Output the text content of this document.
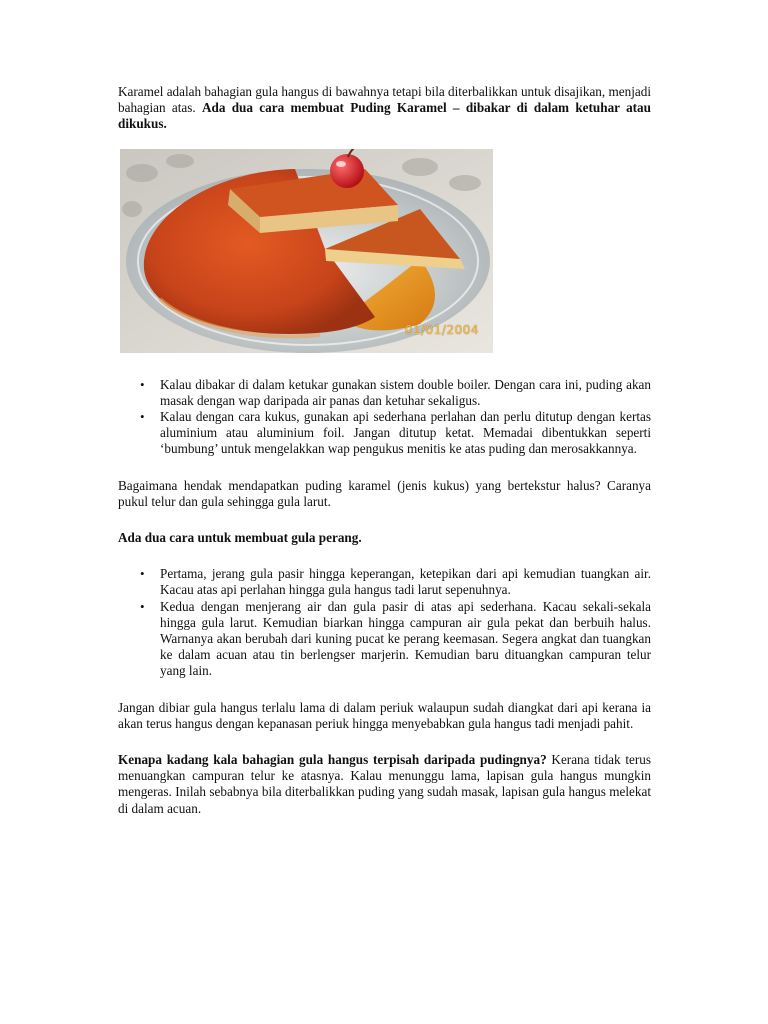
Karamel adalah bahagian gula hangus di bawahnya tetapi bila diterbalikkan untuk disajikan, menjadi bahagian atas. Ada dua cara membuat Puding Karamel – dibakar di dalam ketuhar atau dikukus.

01/01/2004
• Kalau dibakar di dalam ketukar gunakan sistem double boiler. Dengan cara ini, puding akan masak dengan wap daripada air panas dan ketuhar sekaligus.
• Kalau dengan cara kukus, gunakan api sederhana perlahan dan perlu ditutup dengan kertas aluminium atau aluminium foil. Jangan ditutup ketat. Memadai dibentukkan seperti ‘bumbung’ untuk mengelakkan wap pengukus menitis ke atas puding dan merosakkannya.

Bagaimana hendak mendapatkan puding karamel (jenis kukus) yang bertekstur halus? Caranya pukul telur dan gula sehingga gula larut.

Ada dua cara untuk membuat gula perang.

• Pertama, jerang gula pasir hingga keperangan, ketepikan dari api kemudian tuangkan air. Kacau atas api perlahan hingga gula hangus tadi larut sepenuhnya.
• Kedua dengan menjerang air dan gula pasir di atas api sederhana. Kacau sekali-sekala hingga gula larut. Kemudian biarkan hingga campuran air gula pekat dan berbuih halus. Warnanya akan berubah dari kuning pucat ke perang keemasan. Segera angkat dan tuangkan ke dalam acuan atau tin berlengser marjerin. Kemudian baru dituangkan campuran telur yang lain.

Jangan dibiar gula hangus terlalu lama di dalam periuk walaupun sudah diangkat dari api kerana ia akan terus hangus dengan kepanasan periuk hingga menyebabkan gula hangus tadi menjadi pahit.

Kenapa kadang kala bahagian gula hangus terpisah daripada pudingnya? Kerana tidak terus menuangkan campuran telur ke atasnya. Kalau menunggu lama, lapisan gula hangus mungkin mengeras. Inilah sebabnya bila diterbalikkan puding yang sudah masak, lapisan gula hangus melekat di dalam acuan.
